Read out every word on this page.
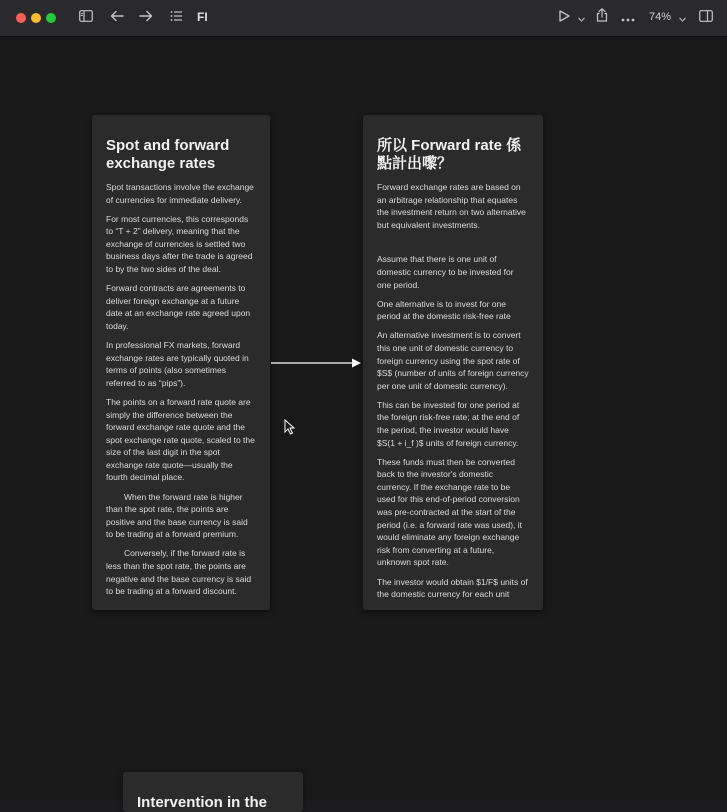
FI	74%
Spot and forward exchange rates

Spot transactions involve the exchange of currencies for immediate delivery.

For most currencies, this corresponds to “T + 2” delivery, meaning that the exchange of currencies is settled two business days after the trade is agreed to by the two sides of the deal.

Forward contracts are agreements to deliver foreign exchange at a future date at an exchange rate agreed upon today.

In professional FX markets, forward exchange rates are typically quoted in terms of points (also sometimes referred to as “pips”).

The points on a forward rate quote are simply the difference between the forward exchange rate quote and the spot exchange rate quote, scaled to the size of the last digit in the spot exchange rate quote—usually the fourth decimal place.

When the forward rate is higher than the spot rate, the points are positive and the base currency is said to be trading at a forward premium.

Conversely, if the forward rate is less than the spot rate, the points are negative and the base currency is said to be trading at a forward discount.

所以 Forward rate 係點計出嚟？

Forward exchange rates are based on an arbitrage relationship that equates the investment return on two alternative but equivalent investments.

Assume that there is one unit of domestic currency to be invested for one period.

One alternative is to invest for one period at the domestic risk-free rate

An alternative investment is to convert this one unit of domestic currency to foreign currency using the spot rate of $S$ (number of units of foreign currency per one unit of domestic currency).

This can be invested for one period at the foreign risk-free rate; at the end of the period, the investor would have $S(1 + i_f )$ units of foreign currency.

These funds must then be converted back to the investor's domestic currency. If the exchange rate to be used for this end-of-period conversion was pre-contracted at the start of the period (i.e. a forward rate was used), it would eliminate any foreign exchange risk from converting at a future, unknown spot rate.

The investor would obtain $1/F$ units of the domestic currency for each unit

Intervention in the
